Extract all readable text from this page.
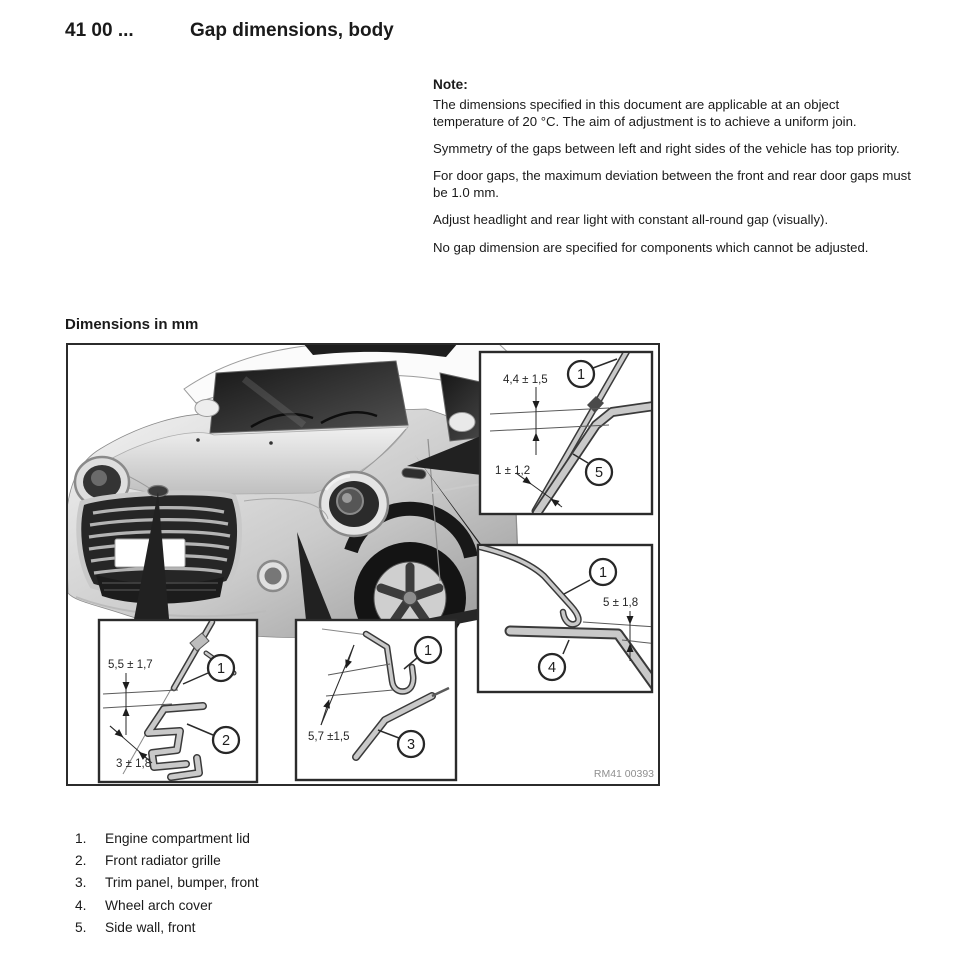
41 00 ...	Gap dimensions, body
Note:

The dimensions specified in this document are applicable at an object temperature of 20 °C. The aim of adjustment is to achieve a uniform join.

Symmetry of the gaps between left and right sides of the vehicle has top priority.

For door gaps, the maximum deviation between the front and rear door gaps must be 1.0 mm.

Adjust headlight and rear light with constant all-round gap (visually).

No gap dimension are specified for components which cannot be adjusted.

Dimensions in mm
4,4 ± 1,5
1 ± 1,2
1
5
5 ± 1,8
1
4
5,5 ± 1,7
3 ± 1,8
1
2	5,7 ±1,5
1
3
RM41 00393
1.	Engine compartment lid
2.	Front radiator grille
3.	Trim panel, bumper, front
4.	Wheel arch cover
5.	Side wall, front
